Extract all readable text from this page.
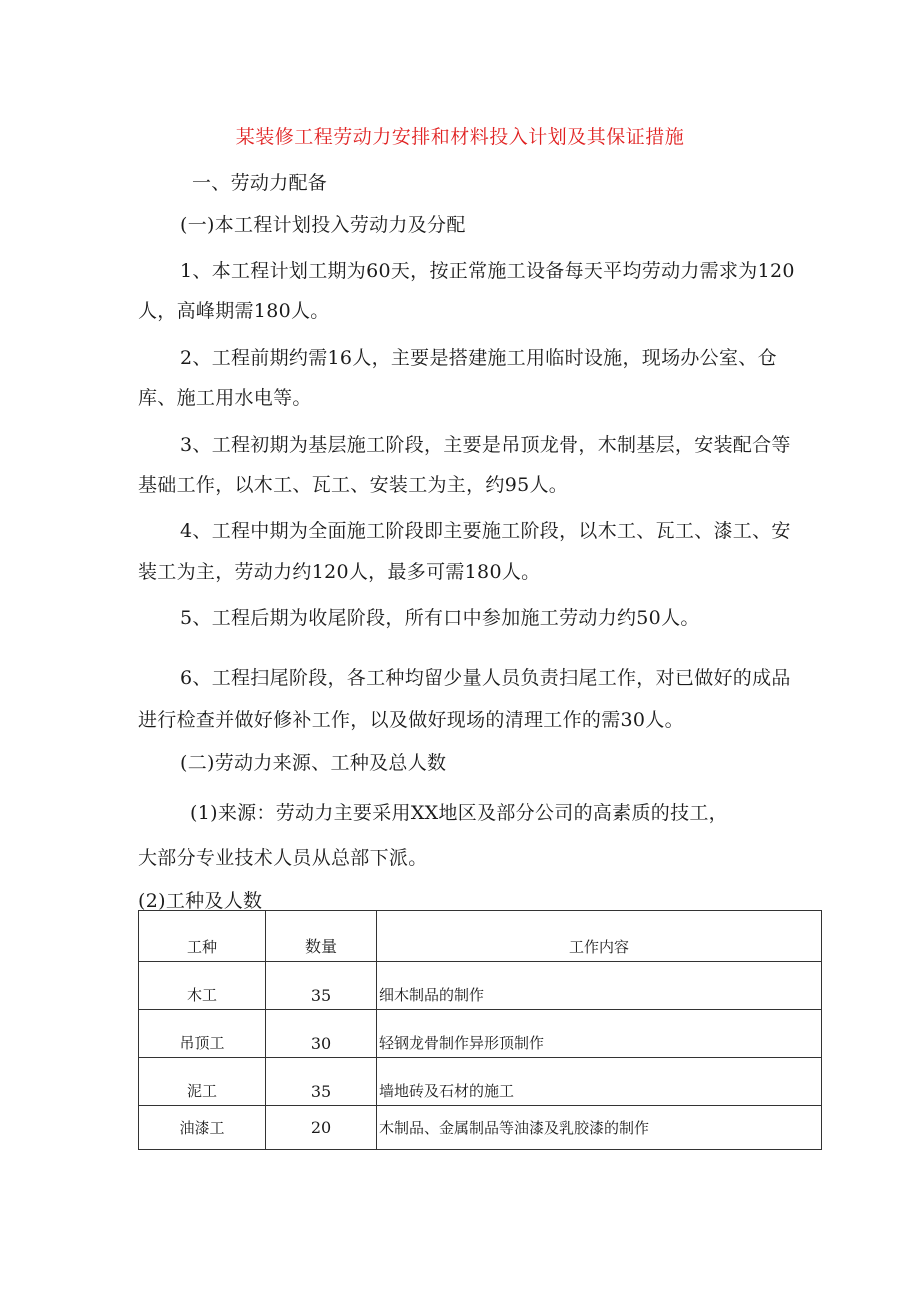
某装修工程劳动力安排和材料投入计划及其保证措施
一、劳动力配备
(一)本工程计划投入劳动力及分配
1、本工程计划工期为60天，按正常施工设备每天平均劳动力需求为120
人，高峰期需180人。
2、工程前期约需16人，主要是搭建施工用临时设施，现场办公室、仓
库、施工用水电等。
3、工程初期为基层施工阶段，主要是吊顶龙骨，木制基层，安装配合等
基础工作，以木工、瓦工、安装工为主，约95人。
4、工程中期为全面施工阶段即主要施工阶段，以木工、瓦工、漆工、安
装工为主，劳动力约120人，最多可需180人。
5、工程后期为收尾阶段，所有口中参加施工劳动力约50人。
6、工程扫尾阶段，各工种均留少量人员负责扫尾工作，对已做好的成品
进行检查并做好修补工作，以及做好现场的清理工作的需30人。
(二)劳动力来源、工种及总人数
(1)来源：劳动力主要采用XX地区及部分公司的高素质的技工，
大部分专业技术人员从总部下派。
(2)工种及人数
工种	数量	工作内容
木工	35	细木制品的制作
吊顶工	30	轻钢龙骨制作异形顶制作
泥工	35	墙地砖及石材的施工
油漆工	20	木制品、金属制品等油漆及乳胶漆的制作
